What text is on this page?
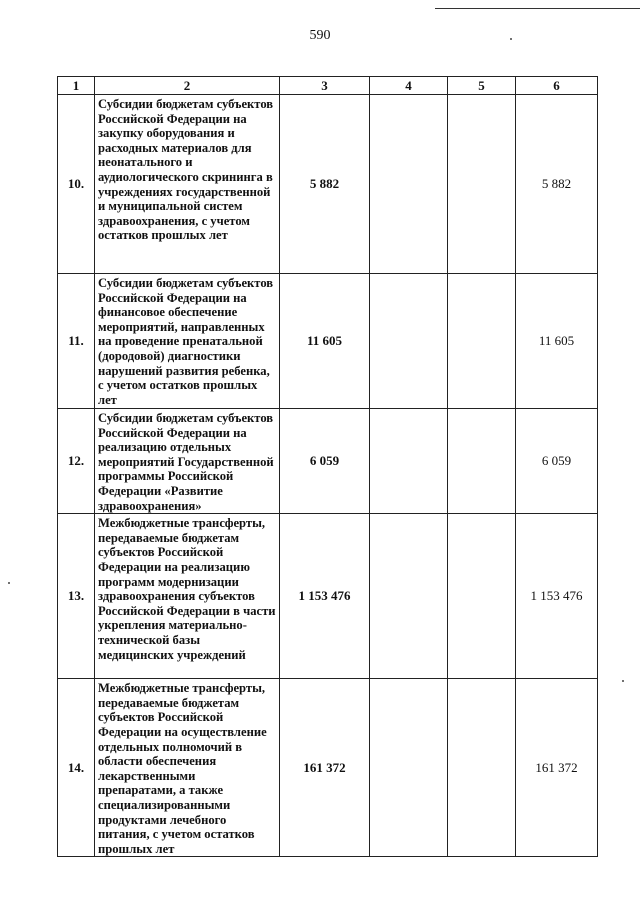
590
1	2	3	4	5	6
10.	Субсидии бюджетам субъектов Российской Федерации на закупку оборудования и расходных материалов для неонатального и аудиологического скрининга в учреждениях государственной и муниципальной систем здравоохранения, с учетом остатков прошлых лет	5 882			5 882
11.	Субсидии бюджетам субъектов Российской Федерации на финансовое обеспечение мероприятий, направленных на проведение пренатальной (дородовой) диагностики нарушений развития ребенка, с учетом остатков прошлых лет	11 605			11 605
12.	Субсидии бюджетам субъектов Российской Федерации на реализацию отдельных мероприятий Государственной программы Российской Федерации «Развитие здравоохранения»	6 059			6 059
13.	Межбюджетные трансферты, передаваемые бюджетам субъектов Российской Федерации на реализацию программ модернизации здравоохранения субъектов Российской Федерации в части укрепления материально-технической базы медицинских учреждений	1 153 476			1 153 476
14.	Межбюджетные трансферты, передаваемые бюджетам субъектов Российской Федерации на осуществление отдельных полномочий в области обеспечения лекарственными препаратами, а также специализированными продуктами лечебного питания, с учетом остатков прошлых лет	161 372			161 372
